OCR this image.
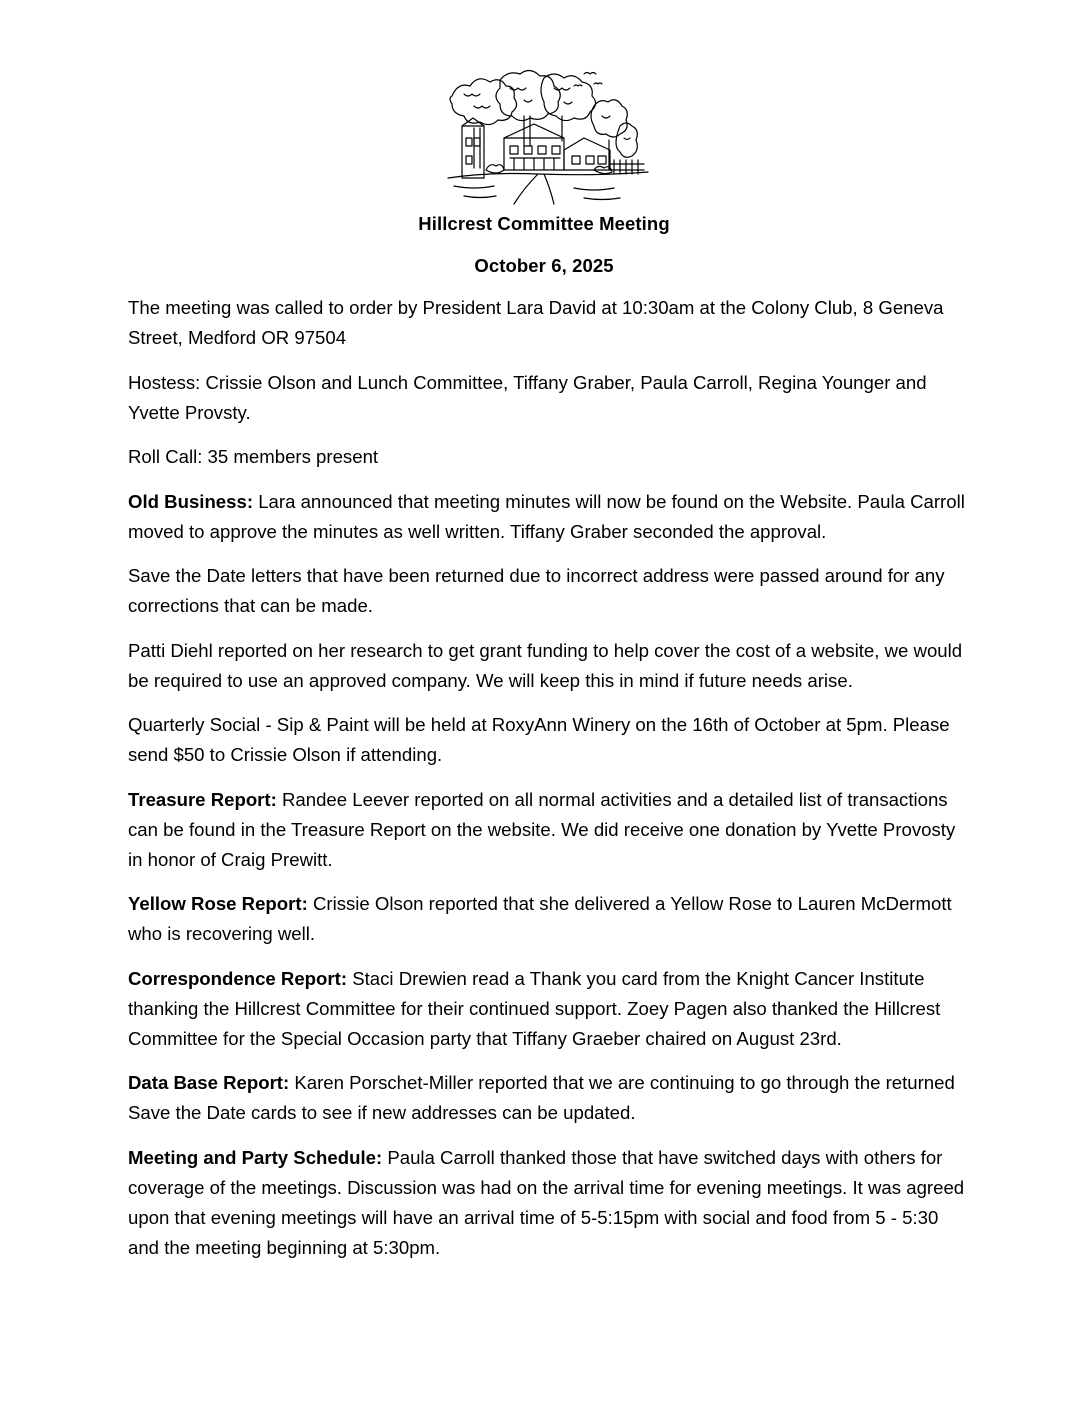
Hillcrest Committee Meeting
October 6, 2025

The meeting was called to order by President Lara David at 10:30am at the Colony Club, 8 Geneva Street, Medford OR 97504

Hostess: Crissie Olson and Lunch Committee, Tiffany Graber, Paula Carroll, Regina Younger and Yvette Provsty.

Roll Call: 35 members present

Old Business: Lara announced that meeting minutes will now be found on the Website. Paula Carroll moved to approve the minutes as well written. Tiffany Graber seconded the approval.

Save the Date letters that have been returned due to incorrect address were passed around for any corrections that can be made.

Patti Diehl reported on her research to get grant funding to help cover the cost of a website, we would be required to use an approved company. We will keep this in mind if future needs arise.

Quarterly Social - Sip & Paint will be held at RoxyAnn Winery on the 16th of October at 5pm. Please send $50 to Crissie Olson if attending.

Treasure Report: Randee Leever reported on all normal activities and a detailed list of transactions can be found in the Treasure Report on the website. We did receive one donation by Yvette Provosty in honor of Craig Prewitt.

Yellow Rose Report: Crissie Olson reported that she delivered a Yellow Rose to Lauren McDermott who is recovering well.

Correspondence Report: Staci Drewien read a Thank you card from the Knight Cancer Institute thanking the Hillcrest Committee for their continued support. Zoey Pagen also thanked the Hillcrest Committee for the Special Occasion party that Tiffany Graeber chaired on August 23rd.

Data Base Report: Karen Porschet-Miller reported that we are continuing to go through the returned Save the Date cards to see if new addresses can be updated.

Meeting and Party Schedule: Paula Carroll thanked those that have switched days with others for coverage of the meetings. Discussion was had on the arrival time for evening meetings. It was agreed upon that evening meetings will have an arrival time of 5-5:15pm with social and food from 5 - 5:30 and the meeting beginning at 5:30pm.
